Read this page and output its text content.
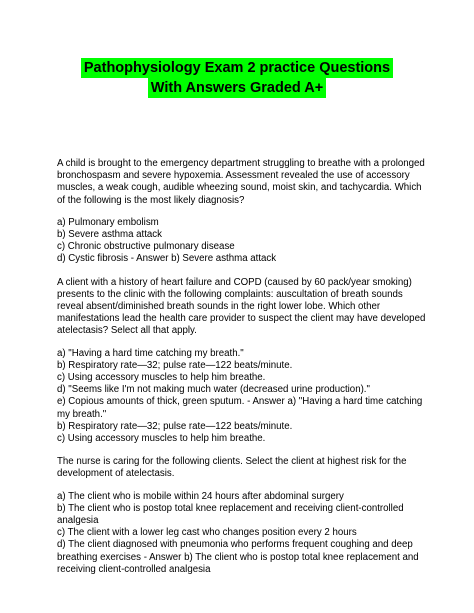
Pathophysiology Exam 2 practice Questions
With Answers Graded A+

A child is brought to the emergency department struggling to breathe with a prolonged bronchospasm and severe hypoxemia. Assessment revealed the use of accessory muscles, a weak cough, audible wheezing sound, moist skin, and tachycardia. Which of the following is the most likely diagnosis?

a) Pulmonary embolism
b) Severe asthma attack
c) Chronic obstructive pulmonary disease
d) Cystic fibrosis - Answer b) Severe asthma attack

A client with a history of heart failure and COPD (caused by 60 pack/year smoking) presents to the clinic with the following complaints: auscultation of breath sounds reveal absent/diminished breath sounds in the right lower lobe. Which other manifestations lead the health care provider to suspect the client may have developed atelectasis? Select all that apply.

a) "Having a hard time catching my breath."
b) Respiratory rate—32; pulse rate—122 beats/minute.
c) Using accessory muscles to help him breathe.
d) "Seems like I'm not making much water (decreased urine production)."
e) Copious amounts of thick, green sputum. - Answer a) "Having a hard time catching my breath."
b) Respiratory rate—32; pulse rate—122 beats/minute.
c) Using accessory muscles to help him breathe.

The nurse is caring for the following clients. Select the client at highest risk for the development of atelectasis.

a) The client who is mobile within 24 hours after abdominal surgery
b) The client who is postop total knee replacement and receiving client-controlled analgesia
c) The client with a lower leg cast who changes position every 2 hours
d) The client diagnosed with pneumonia who performs frequent coughing and deep breathing exercises - Answer b) The client who is postop total knee replacement and receiving client-controlled analgesia
